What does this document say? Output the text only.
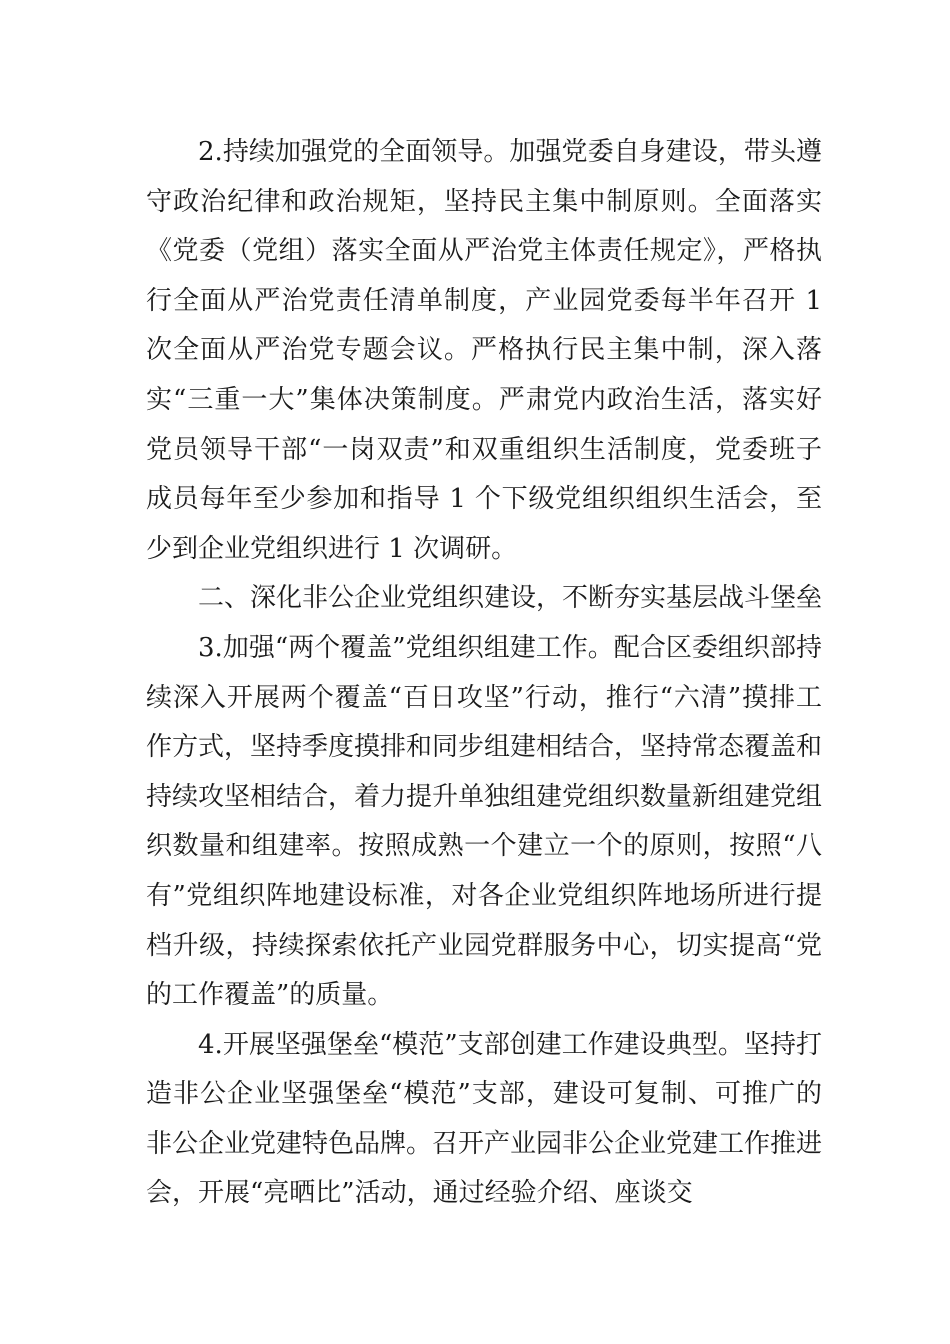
2.持续加强党的全面领导。加强党委自身建设，带头遵守政治纪律和政治规矩，坚持民主集中制原则。全面落实《党委（党组）落实全面从严治党主体责任规定》，严格执行全面从严治党责任清单制度，产业园党委每半年召开 1 次全面从严治党专题会议。严格执行民主集中制，深入落实“三重一大”集体决策制度。严肃党内政治生活，落实好党员领导干部“一岗双责”和双重组织生活制度，党委班子成员每年至少参加和指导 1 个下级党组织组织生活会，至少到企业党组织进行 1 次调研。

二、深化非公企业党组织建设，不断夯实基层战斗堡垒

3.加强“两个覆盖”党组织组建工作。配合区委组织部持续深入开展两个覆盖“百日攻坚”行动，推行“六清”摸排工作方式，坚持季度摸排和同步组建相结合，坚持常态覆盖和持续攻坚相结合，着力提升单独组建党组织数量新组建党组织数量和组建率。按照成熟一个建立一个的原则，按照“八有”党组织阵地建设标准，对各企业党组织阵地场所进行提档升级，持续探索依托产业园党群服务中心，切实提高“党的工作覆盖”的质量。

4.开展坚强堡垒“模范”支部创建工作建设典型。坚持打造非公企业坚强堡垒“模范”支部，建设可复制、可推广的非公企业党建特色品牌。召开产业园非公企业党建工作推进会，开展“亮晒比”活动，通过经验介绍、座谈交
